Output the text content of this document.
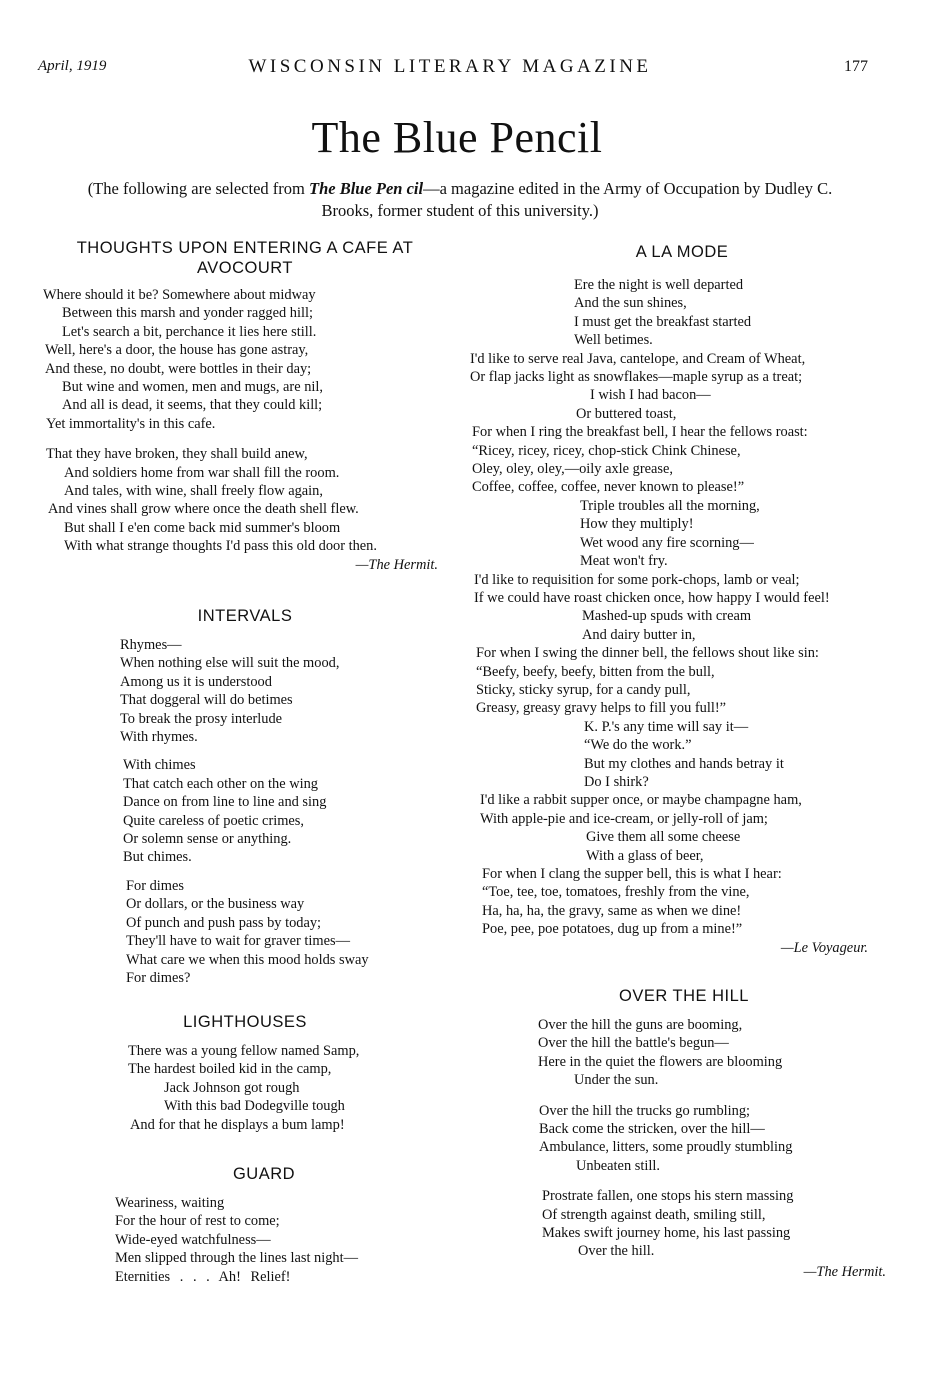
April, 1919	WISCONSIN LITERARY MAGAZINE	177
The Blue Pencil
(The following are selected from The Blue Pen cil—a magazine edited in the Army of Occupation by Dudley C. Brooks, former student of this university.)
THOUGHTS UPON ENTERING A CAFE AT AVOCOURT
Where should it be? Somewhere about midway
Between this marsh and yonder ragged hill;
Let's search a bit, perchance it lies here still.
Well, here's a door, the house has gone astray,
And these, no doubt, were bottles in their day;
But wine and women, men and mugs, are nil,
And all is dead, it seems, that they could kill;
Yet immortality's in this cafe.
That they have broken, they shall build anew,
And soldiers home from war shall fill the room.
And tales, with wine, shall freely flow again,
And vines shall grow where once the death shell flew.
But shall I e'en come back mid summer's bloom
With what strange thoughts I'd pass this old door then.
—The Hermit.
INTERVALS
Rhymes—
When nothing else will suit the mood,
Among us it is understood
That doggeral will do betimes
To break the prosy interlude
With rhymes.
With chimes
That catch each other on the wing
Dance on from line to line and sing
Quite careless of poetic crimes,
Or solemn sense or anything.
But chimes.
For dimes
Or dollars, or the business way
Of punch and push pass by today;
They'll have to wait for graver times—
What care we when this mood holds sway
For dimes?
LIGHTHOUSES
There was a young fellow named Samp,
The hardest boiled kid in the camp,
Jack Johnson got rough
With this bad Dodegville tough
And for that he displays a bum lamp!
GUARD
Weariness, waiting
For the hour of rest to come;
Wide-eyed watchfulness—
Men slipped through the lines last night—
Eternities . . . Ah! Relief!
A LA MODE
Ere the night is well departed
And the sun shines,
I must get the breakfast started
Well betimes.
I'd like to serve real Java, cantelope, and Cream of Wheat,
Or flap jacks light as snowflakes—maple syrup as a treat;
I wish I had bacon—
Or buttered toast,
For when I ring the breakfast bell, I hear the fellows roast:
“Ricey, ricey, ricey, chop-stick Chink Chinese,
Oley, oley, oley,—oily axle grease,
Coffee, coffee, coffee, never known to please!”
Triple troubles all the morning,
How they multiply!
Wet wood any fire scorning—
Meat won't fry.
I'd like to requisition for some pork-chops, lamb or veal;
If we could have roast chicken once, how happy I would feel!
Mashed-up spuds with cream
And dairy butter in,
For when I swing the dinner bell, the fellows shout like sin:
“Beefy, beefy, beefy, bitten from the bull,
Sticky, sticky syrup, for a candy pull,
Greasy, greasy gravy helps to fill you full!”
K. P.'s any time will say it—
“We do the work.”
But my clothes and hands betray it
Do I shirk?
I'd like a rabbit supper once, or maybe champagne ham,
With apple-pie and ice-cream, or jelly-roll of jam;
Give them all some cheese
With a glass of beer,
For when I clang the supper bell, this is what I hear:
“Toe, tee, toe, tomatoes, freshly from the vine,
Ha, ha, ha, the gravy, same as when we dine!
Poe, pee, poe potatoes, dug up from a mine!”
—Le Voyageur.
OVER THE HILL
Over the hill the guns are booming,
Over the hill the battle's begun—
Here in the quiet the flowers are blooming
Under the sun.
Over the hill the trucks go rumbling;
Back come the stricken, over the hill—
Ambulance, litters, some proudly stumbling
Unbeaten still.
Prostrate fallen, one stops his stern massing
Of strength against death, smiling still,
Makes swift journey home, his last passing
Over the hill.
—The Hermit.
